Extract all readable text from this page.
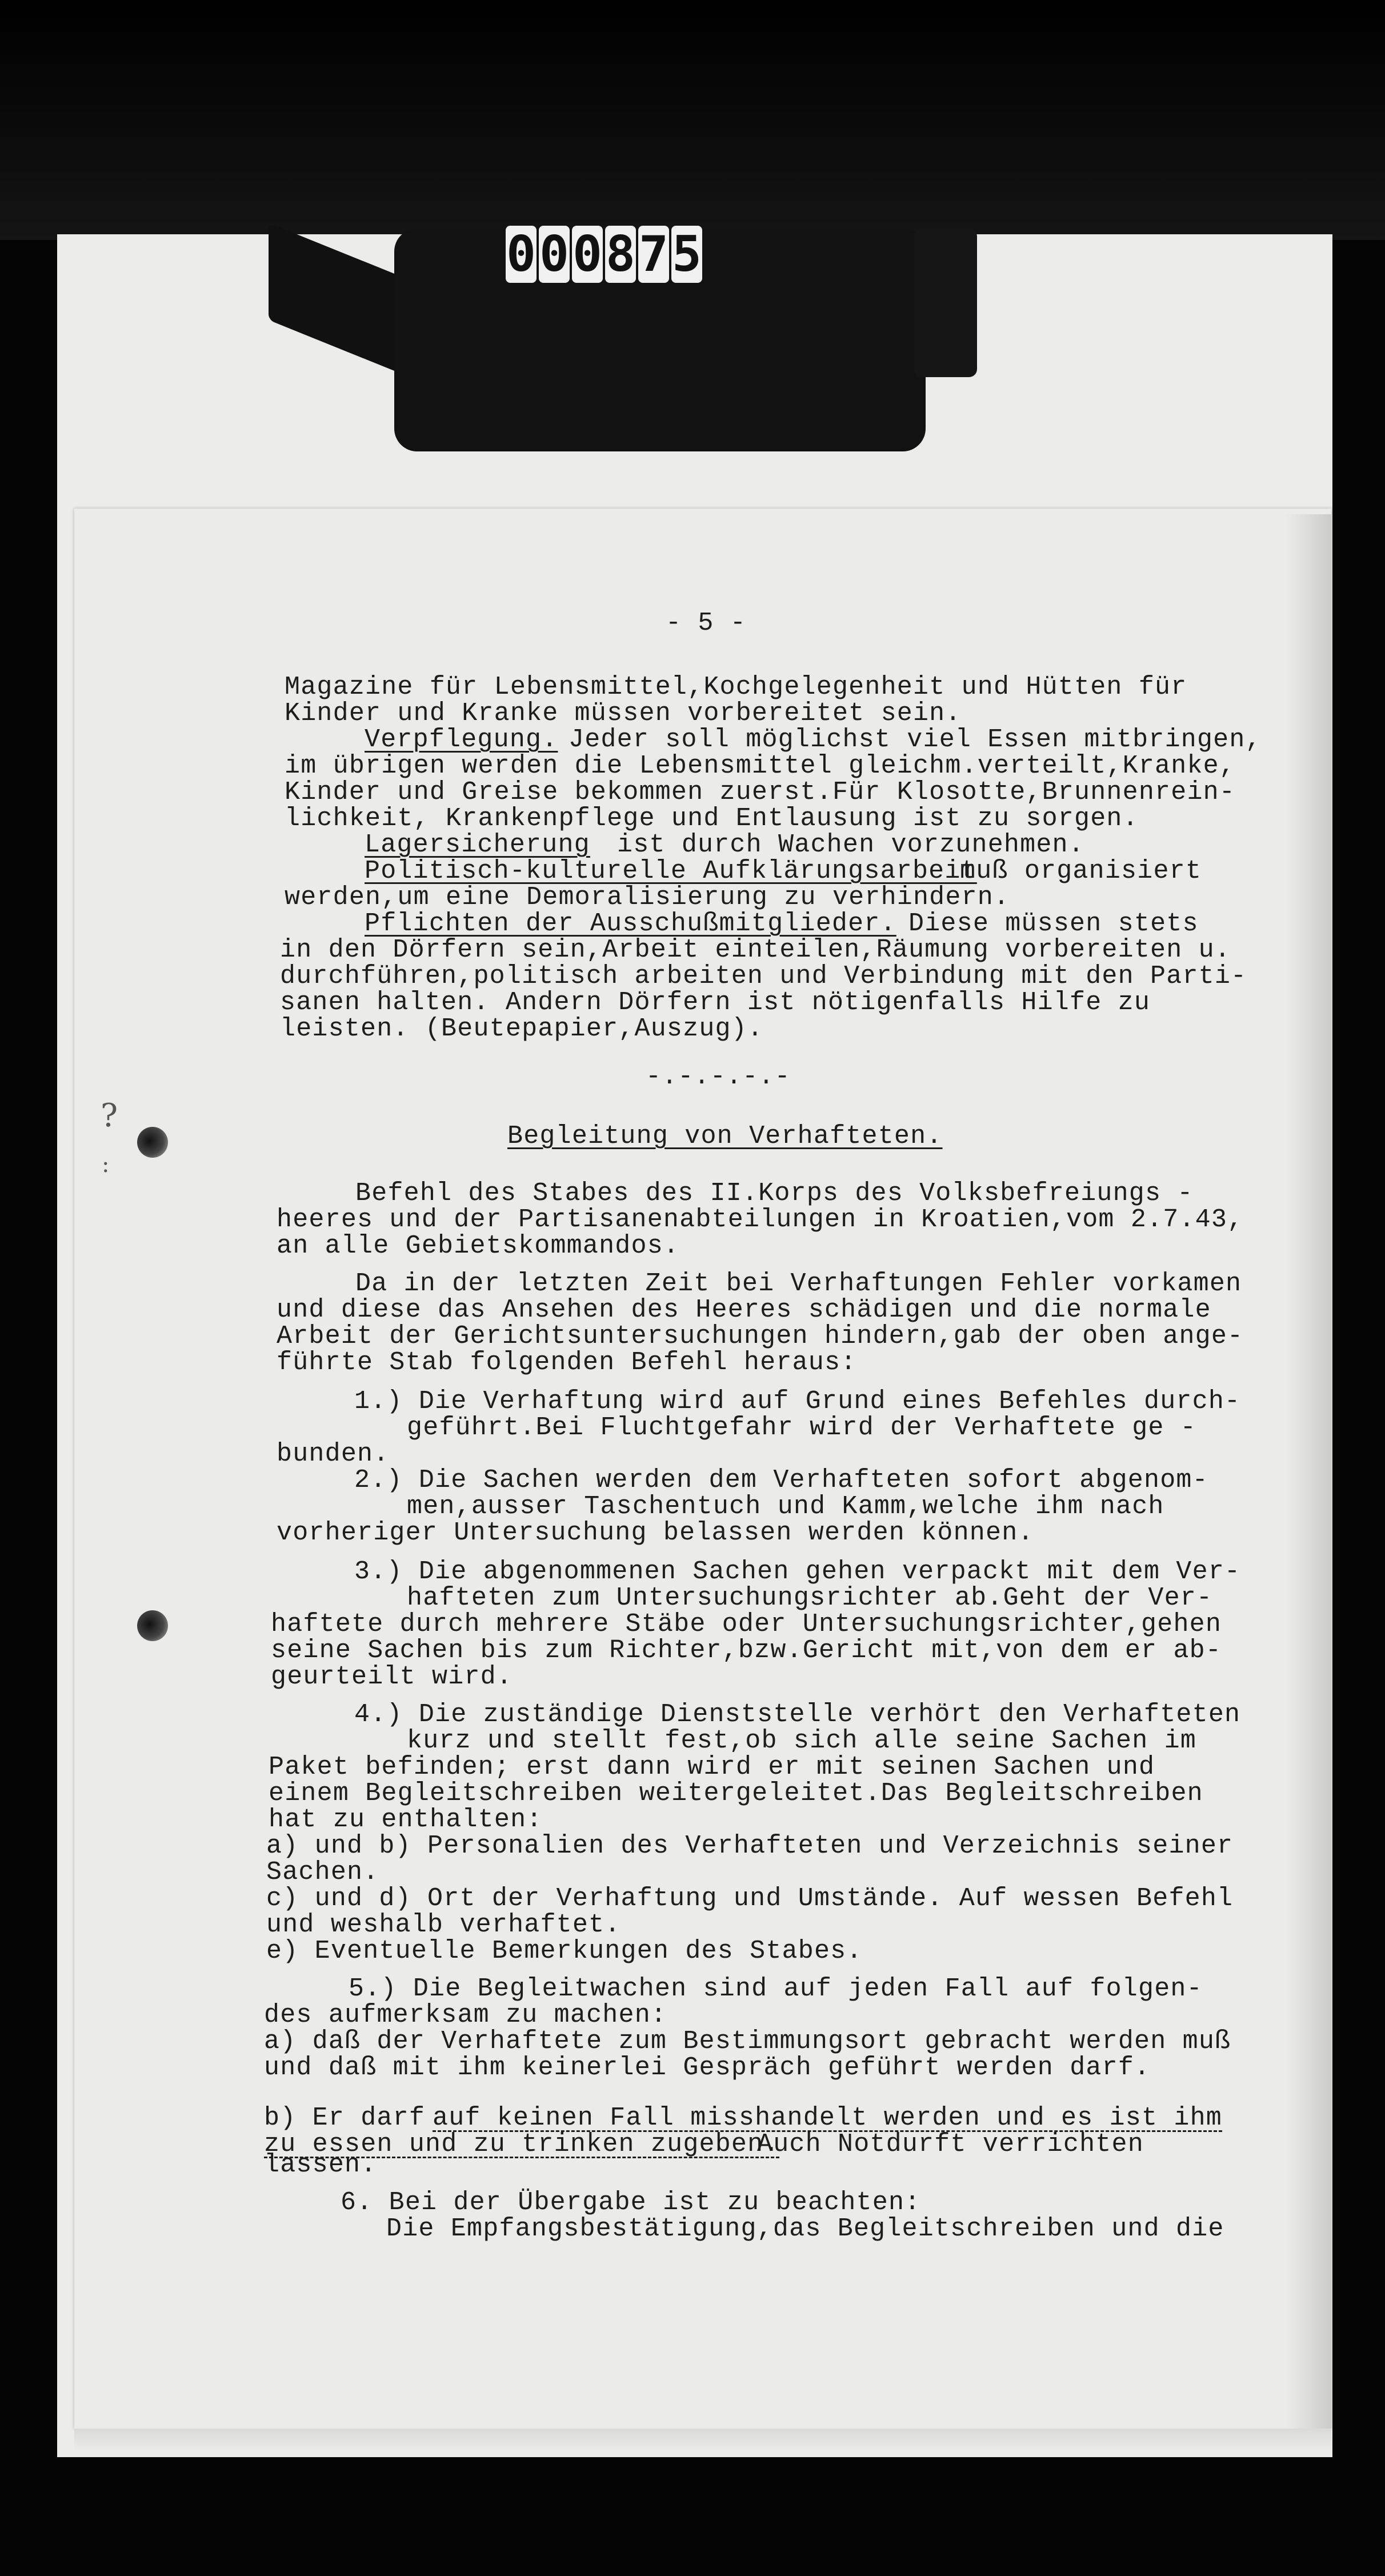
0 0 0 8 7 5
?
:
- 5 -
Magazine für Lebensmittel,Kochgelegenheit und Hütten für
Kinder und Kranke müssen vorbereitet sein.
Verpflegung. Jeder soll möglichst viel Essen mitbringen,
im übrigen werden die Lebensmittel gleichm.verteilt,Kranke,
Kinder und Greise bekommen zuerst.Für Klosotte,Brunnenrein-
lichkeit, Krankenpflege und Entlausung ist zu sorgen.
Lagersicherung ist durch Wachen vorzunehmen.
Politisch-kulturelle Aufklärungsarbeit
muß organisiert
werden,um eine Demoralisierung zu verhindern.
Pflichten der Ausschußmitglieder. Diese müssen stets
in den Dörfern sein,Arbeit einteilen,Räumung vorbereiten u.
durchführen,politisch arbeiten und Verbindung mit den Parti-
sanen halten. Andern Dörfern ist nötigenfalls Hilfe zu
leisten. (Beutepapier,Auszug).
-.-.-.-.-
Begleitung von Verhafteten.
Befehl des Stabes des II.Korps des Volksbefreiungs -
heeres und der Partisanenabteilungen in Kroatien,vom 2.7.43,
an alle Gebietskommandos.
Da in der letzten Zeit bei Verhaftungen Fehler vorkamen
und diese das Ansehen des Heeres schädigen und die normale
Arbeit der Gerichtsuntersuchungen hindern,gab der oben ange-
führte Stab folgenden Befehl heraus:
1.) Die Verhaftung wird auf Grund eines Befehles durch-
geführt.Bei Fluchtgefahr wird der Verhaftete ge -
bunden.
2.) Die Sachen werden dem Verhafteten sofort abgenom-
men,ausser Taschentuch und Kamm,welche ihm nach
vorheriger Untersuchung belassen werden können.
3.) Die abgenommenen Sachen gehen verpackt mit dem Ver-
hafteten zum Untersuchungsrichter ab.Geht der Ver-
haftete durch mehrere Stäbe oder Untersuchungsrichter,gehen
seine Sachen bis zum Richter,bzw.Gericht mit,von dem er ab-
geurteilt wird.
4.) Die zuständige Dienststelle verhört den Verhafteten
kurz und stellt fest,ob sich alle seine Sachen im
Paket befinden; erst dann wird er mit seinen Sachen und
einem Begleitschreiben weitergeleitet.Das Begleitschreiben
hat zu enthalten:
a) und b) Personalien des Verhafteten und Verzeichnis seiner
Sachen.
c) und d) Ort der Verhaftung und Umstände. Auf wessen Befehl
und weshalb verhaftet.
e) Eventuelle Bemerkungen des Stabes.
5.) Die Begleitwachen sind auf jeden Fall auf folgen-
des aufmerksam zu machen:
a) daß der Verhaftete zum Bestimmungsort gebracht werden muß
und daß mit ihm keinerlei Gespräch geführt werden darf.
b) Er darf
auf keinen Fall misshandelt werden und es ist ihm
zu essen und zu trinken zugeben.
Auch Notdurft verrichten
lassen.
6. Bei der Übergabe ist zu beachten:
Die Empfangsbestätigung,das Begleitschreiben und die
